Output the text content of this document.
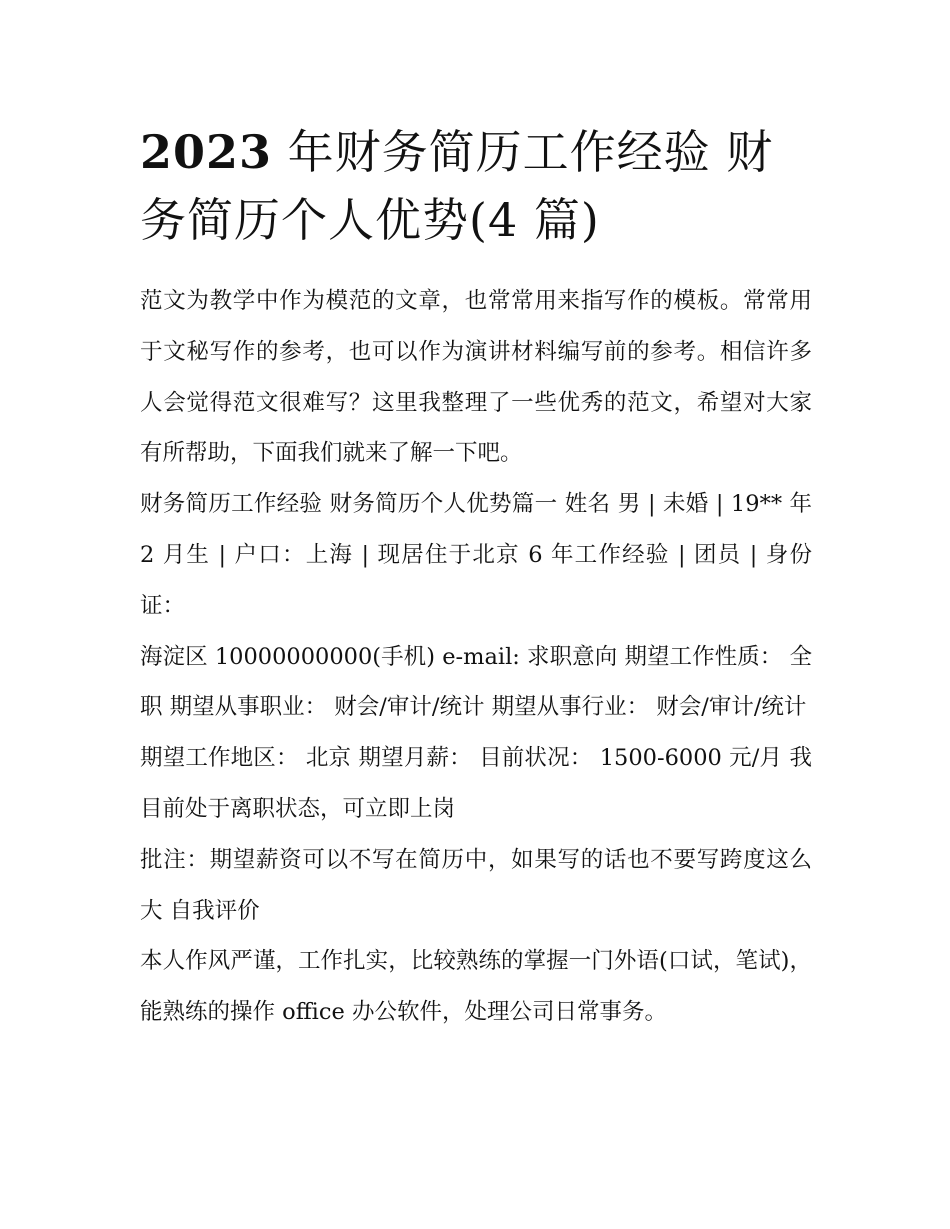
2023 年财务简历工作经验 财务简历个人优势(4 篇)

范文为教学中作为模范的文章，也常常用来指写作的模板。常常用于文秘写作的参考，也可以作为演讲材料编写前的参考。相信许多人会觉得范文很难写？这里我整理了一些优秀的范文，希望对大家有所帮助，下面我们就来了解一下吧。

财务简历工作经验 财务简历个人优势篇一 姓名 男 | 未婚 | 19** 年 2 月生 | 户口：上海 | 现居住于北京 6 年工作经验 | 团员 | 身份证：

海淀区 10000000000(手机) e-mail: 求职意向 期望工作性质： 全职 期望从事职业： 财会/审计/统计 期望从事行业： 财会/审计/统计

期望工作地区： 北京 期望月薪： 目前状况： 1500-6000 元/月 我目前处于离职状态，可立即上岗

批注：期望薪资可以不写在简历中，如果写的话也不要写跨度这么大 自我评价

本人作风严谨，工作扎实，比较熟练的掌握一门外语(口试，笔试)，能熟练的操作 office 办公软件，处理公司日常事务。
